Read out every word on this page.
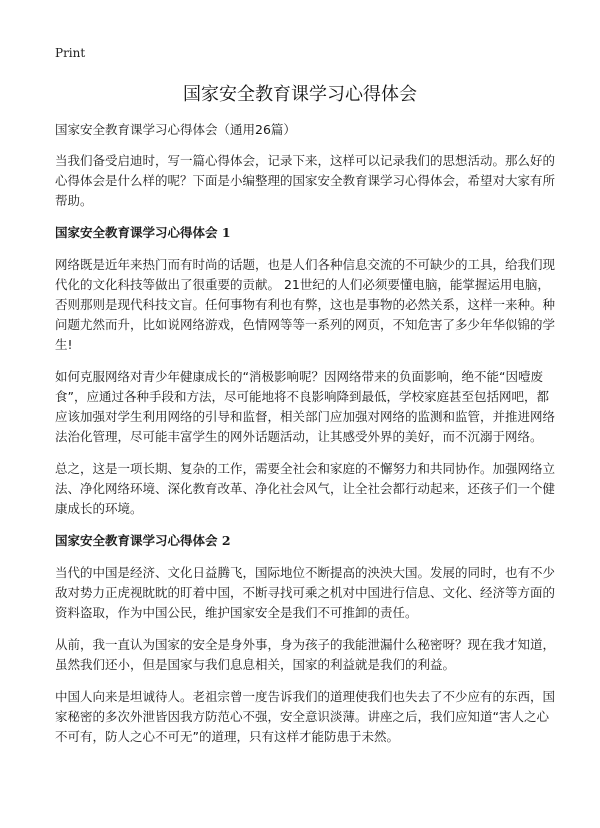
Print
国家安全教育课学习心得体会

国家安全教育课学习心得体会（通用26篇）

当我们备受启迪时，写一篇心得体会，记录下来，这样可以记录我们的思想活动。那么好的心得体会是什么样的呢？下面是小编整理的国家安全教育课学习心得体会，希望对大家有所帮助。

国家安全教育课学习心得体会 1

网络既是近年来热门而有时尚的话题，也是人们各种信息交流的不可缺少的工具，给我们现代化的文化科技等做出了很重要的贡献。 21世纪的人们必须要懂电脑，能掌握运用电脑，否则那则是现代科技文盲。任何事物有利也有弊，这也是事物的必然关系，这样一来种。种问题尤然而升，比如说网络游戏，色情网等等一系列的网页，不知危害了多少年华似锦的学生!

如何克服网络对青少年健康成长的“消极影响呢？因网络带来的负面影响，绝不能“因噎废食”，应通过各种手段和方法，尽可能地将不良影响降到最低，学校家庭甚至包括网吧，都应该加强对学生利用网络的引导和监督，相关部门应加强对网络的监测和监管，并推进网络法治化管理，尽可能丰富学生的网外话题活动，让其感受外界的美好，而不沉溺于网络。

总之，这是一项长期、复杂的工作，需要全社会和家庭的不懈努力和共同协作。加强网络立法、净化网络环境、深化教育改革、净化社会风气，让全社会都行动起来，还孩子们一个健康成长的环境。

国家安全教育课学习心得体会 2

当代的中国是经济、文化日益腾飞，国际地位不断提高的泱泱大国。发展的同时，也有不少敌对势力正虎视眈眈的盯着中国，不断寻找可乘之机对中国进行信息、文化、经济等方面的资料盗取，作为中国公民，维护国家安全是我们不可推卸的责任。

从前，我一直认为国家的安全是身外事，身为孩子的我能泄漏什么秘密呀？现在我才知道，虽然我们还小，但是国家与我们息息相关，国家的利益就是我们的利益。

中国人向来是坦诚待人。老祖宗曾一度告诉我们的道理使我们也失去了不少应有的东西，国家秘密的多次外泄皆因我方防范心不强，安全意识淡薄。讲座之后，我们应知道“害人之心不可有，防人之心不可无”的道理，只有这样才能防患于未然。
